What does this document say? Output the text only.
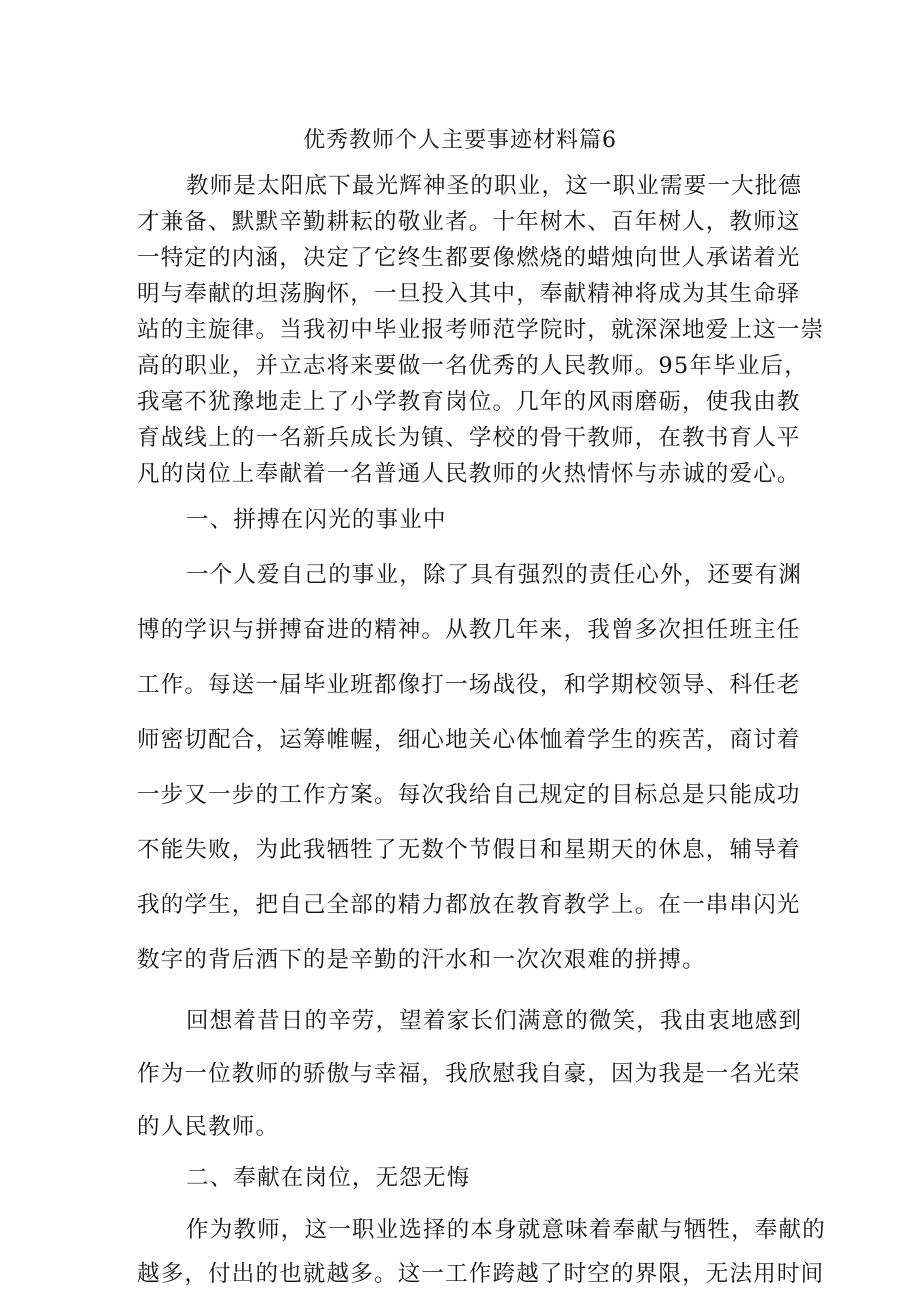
优秀教师个人主要事迹材料篇6
教师是太阳底下最光辉神圣的职业，这一职业需要一大批德
才兼备、默默辛勤耕耘的敬业者。十年树木、百年树人，教师这
一特定的内涵，决定了它终生都要像燃烧的蜡烛向世人承诺着光
明与奉献的坦荡胸怀，一旦投入其中，奉献精神将成为其生命驿
站的主旋律。当我初中毕业报考师范学院时，就深深地爱上这一崇
高的职业，并立志将来要做一名优秀的人民教师。95年毕业后，
我毫不犹豫地走上了小学教育岗位。几年的风雨磨砺，使我由教
育战线上的一名新兵成长为镇、学校的骨干教师，在教书育人平
凡的岗位上奉献着一名普通人民教师的火热情怀与赤诚的爱心。
一、拼搏在闪光的事业中
一个人爱自己的事业，除了具有强烈的责任心外，还要有渊
博的学识与拼搏奋进的精神。从教几年来，我曾多次担任班主任
工作。每送一届毕业班都像打一场战役，和学期校领导、科任老
师密切配合，运筹帷幄，细心地关心体恤着学生的疾苦，商讨着
一步又一步的工作方案。每次我给自己规定的目标总是只能成功
不能失败，为此我牺牲了无数个节假日和星期天的休息，辅导着
我的学生，把自己全部的精力都放在教育教学上。在一串串闪光
数字的背后洒下的是辛勤的汗水和一次次艰难的拼搏。
回想着昔日的辛劳，望着家长们满意的微笑，我由衷地感到
作为一位教师的骄傲与幸福，我欣慰我自豪，因为我是一名光荣
的人民教师。
二、奉献在岗位，无怨无悔
作为教师，这一职业选择的本身就意味着奉献与牺牲，奉献的
越多，付出的也就越多。这一工作跨越了时空的界限，无法用时间
